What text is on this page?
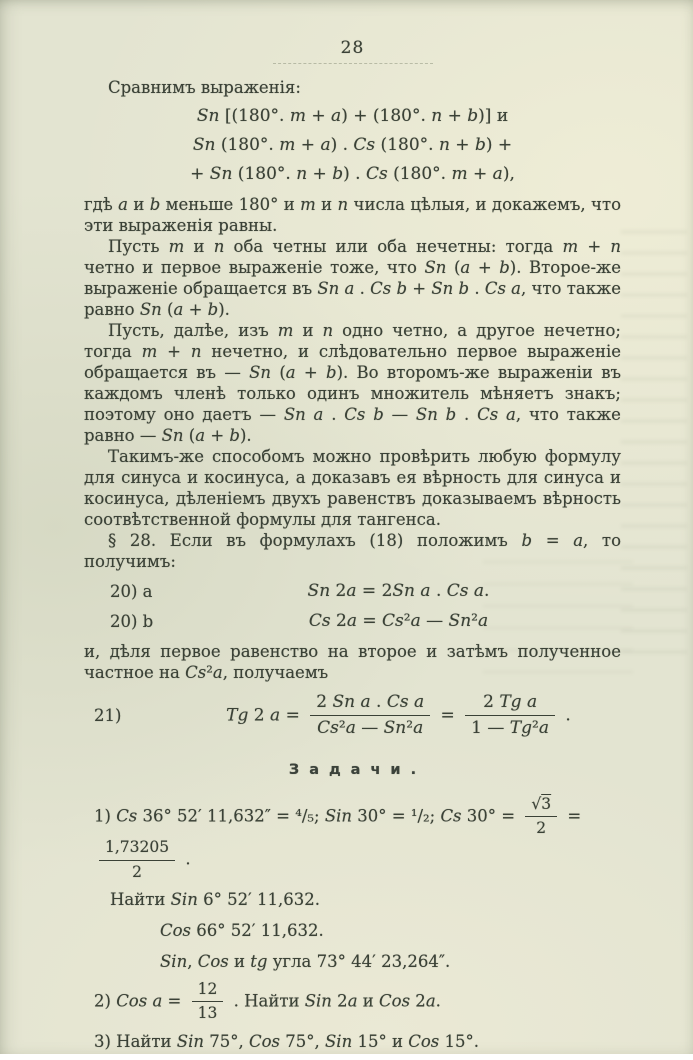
28

Сравнимъ выраженія:

Sn [(180°. m + a) + (180°. n + b)] и
Sn (180°. m + a) . Cs (180°. n + b) +
+ Sn (180°. n + b) . Cs (180°. m + a),

гдѣ a и b меньше 180° и m и n числа цѣлыя, и докажемъ, что эти выраженія равны.

Пусть m и n оба четны или оба нечетны: тогда m + n четно и первое выраженіе тоже, что Sn (a + b). Второе-же выраженіе обращается въ Sn a . Cs b + Sn b . Cs a, что также равно Sn (a + b).

Пусть, далѣе, изъ m и n одно четно, а другое нечетно; тогда m + n нечетно, и слѣдовательно первое выраженіе обращается въ — Sn (a + b). Во второмъ-же выраженіи въ каждомъ членѣ только одинъ множитель мѣняетъ знакъ; поэтому оно даетъ — Sn a . Cs b — Sn b . Cs a, что также равно — Sn (a + b).

Такимъ-же способомъ можно провѣрить любую формулу для синуса и косинуса, а доказавъ ея вѣрность для синуса и косинуса, дѣленіемъ двухъ равенствъ доказываемъ вѣрность соотвѣтственной формулы для тангенса.

§ 28. Если въ формулахъ (18) положимъ b = a, то получимъ:

20) a	Sn 2a = 2Sn a . Cs a.
20) b	Cs 2a = Cs²a — Sn²a

и, дѣля первое равенство на второе и затѣмъ полученное частное на Cs²a, получаемъ

21)	Tg 2 $a = \frac{\text{2 Sn a . Cs a}}{\text{Cs²a — Sn²a}} = \frac{\text{2 Tg a}}{\text{1 — Tg²a}}$ .
Задачи.
1) Cs 36° 52′ 11,632″ = ⁴/₅; Sin 30° = ¹/₂; Cs $30^\circ = \frac{√3}{2}$ =
$\frac{1,73205}{2}$ .
Найти Sin 6° 52′ 11,632.
Cos 66° 52′ 11,632.
Sin, Cos и tg угла 73° 44′ 23,264″.
2) Cos $a = \frac{12}{13}$ . Найти Sin 2a и Cos 2a.
3) Найти Sin 75°, Cos 75°, Sin 15° и Cos 15°.
